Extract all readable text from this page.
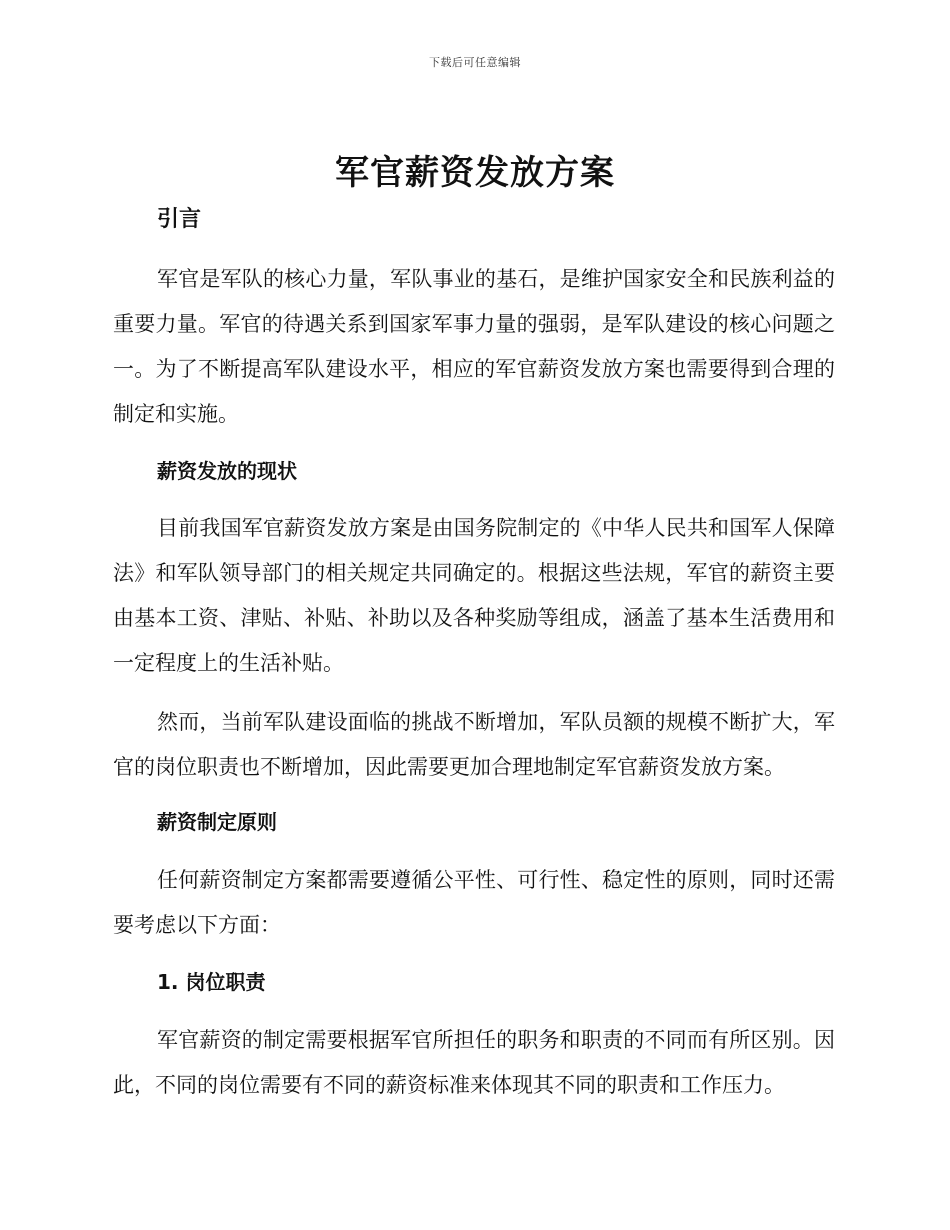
下载后可任意编辑
军官薪资发放方案
引言

军官是军队的核心力量，军队事业的基石，是维护国家安全和民族利益的重要力量。军官的待遇关系到国家军事力量的强弱，是军队建设的核心问题之一。为了不断提高军队建设水平，相应的军官薪资发放方案也需要得到合理的制定和实施。

薪资发放的现状

目前我国军官薪资发放方案是由国务院制定的《中华人民共和国军人保障法》和军队领导部门的相关规定共同确定的。根据这些法规，军官的薪资主要由基本工资、津贴、补贴、补助以及各种奖励等组成，涵盖了基本生活费用和一定程度上的生活补贴。

然而，当前军队建设面临的挑战不断增加，军队员额的规模不断扩大，军官的岗位职责也不断增加，因此需要更加合理地制定军官薪资发放方案。

薪资制定原则

任何薪资制定方案都需要遵循公平性、可行性、稳定性的原则，同时还需要考虑以下方面：

1. 岗位职责

军官薪资的制定需要根据军官所担任的职务和职责的不同而有所区别。因此，不同的岗位需要有不同的薪资标准来体现其不同的职责和工作压力。
